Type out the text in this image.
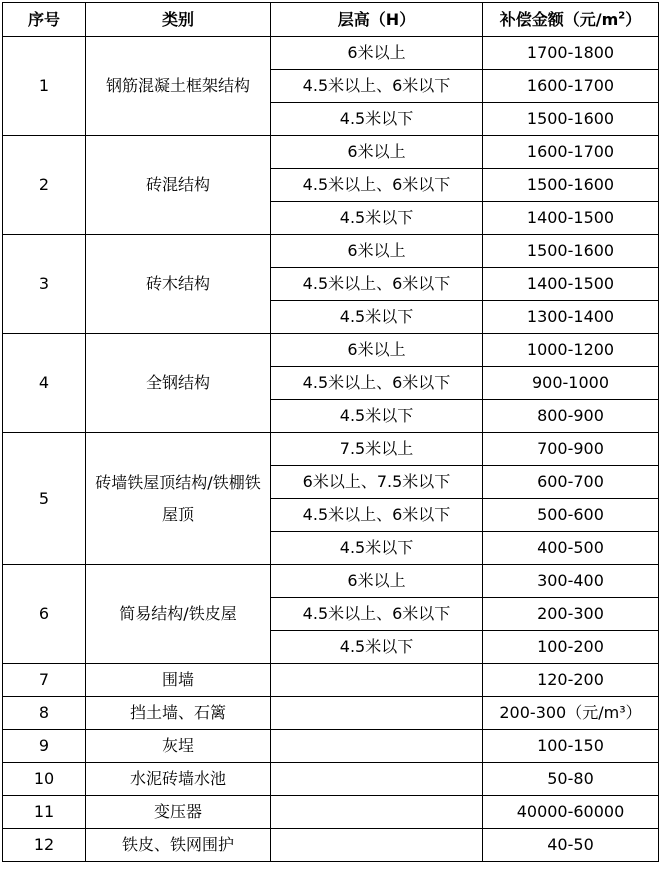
序号	类别	层高（H）	补偿金额（元$/m^2$）
1	钢筋混凝土框架结构	6米以上	1700-1800
		4.5米以上、6米以下	1600-1700
		4.5米以下	1500-1600
2	砖混结构	6米以上	1600-1700
		4.5米以上、6米以下	1500-1600
		4.5米以下	1400-1500
3	砖木结构	6米以上	1500-1600
		4.5米以上、6米以下	1400-1500
		4.5米以下	1300-1400
4	全钢结构	6米以上	1000-1200
		4.5米以上、6米以下	900-1000
		4.5米以下	800-900
5	砖墙铁屋顶结构/铁棚铁屋顶	7.5米以上	700-900
		6米以上、7.5米以下	600-700
		4.5米以上、6米以下	500-600
		4.5米以下	400-500
6	简易结构/铁皮屋	6米以上	300-400
		4.5米以上、6米以下	200-300
		4.5米以下	100-200
7	围墙		120-200
8	挡土墙、石篱		200-300（元/m³）
9	灰埕		100-150
10	水泥砖墙水池		50-80
11	变压器		40000-60000
12	铁皮、铁网围护		40-50
